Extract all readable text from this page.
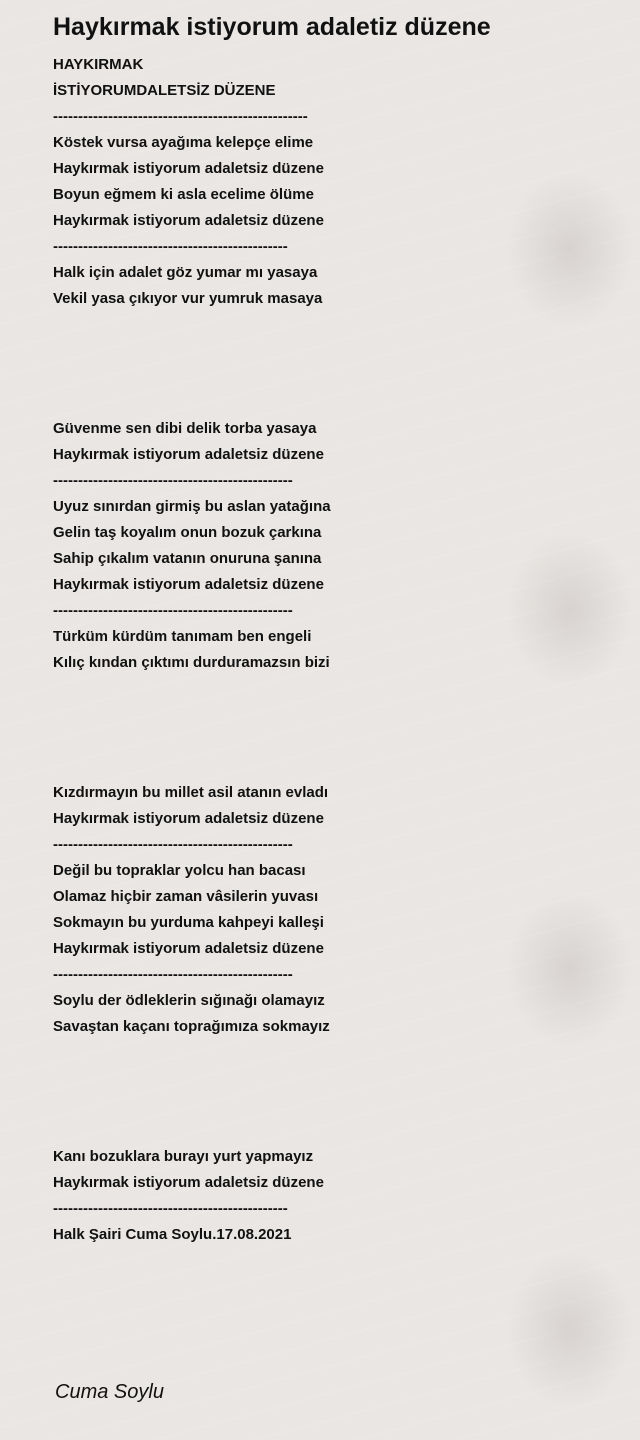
Haykırmak istiyorum adaletiz düzene
HAYKIRMAK
İSTİYORUMDALETSİZ DÜZENE
---------------------------------------------------
Köstek vursa ayağıma kelepçe elime
Haykırmak istiyorum adaletsiz düzene
Boyun eğmem ki asla ecelime ölüme
Haykırmak istiyorum adaletsiz düzene
-----------------------------------------------
Halk için adalet göz yumar mı yasaya
Vekil yasa çıkıyor vur yumruk masaya
Güvenme sen dibi delik torba yasaya
Haykırmak istiyorum adaletsiz düzene
------------------------------------------------
Uyuz sınırdan girmiş bu aslan yatağına
Gelin taş koyalım onun bozuk çarkına
Sahip çıkalım vatanın onuruna şanına
Haykırmak istiyorum adaletsiz düzene
------------------------------------------------
Türküm kürdüm tanımam ben engeli
Kılıç kından çıktımı durduramazsın bizi
Kızdırmayın bu millet asil atanın evladı
Haykırmak istiyorum adaletsiz düzene
------------------------------------------------
Değil bu topraklar yolcu han bacası
Olamaz hiçbir zaman vâsilerin yuvası
Sokmayın bu yurduma kahpeyi kalleşi
Haykırmak istiyorum adaletsiz düzene
------------------------------------------------
Soylu der ödleklerin sığınağı olamayız
Savaştan kaçanı toprağımıza sokmayız
Kanı bozuklara burayı yurt yapmayız
Haykırmak istiyorum adaletsiz düzene
-----------------------------------------------
Halk Şairi Cuma Soylu.17.08.2021
Cuma Soylu
